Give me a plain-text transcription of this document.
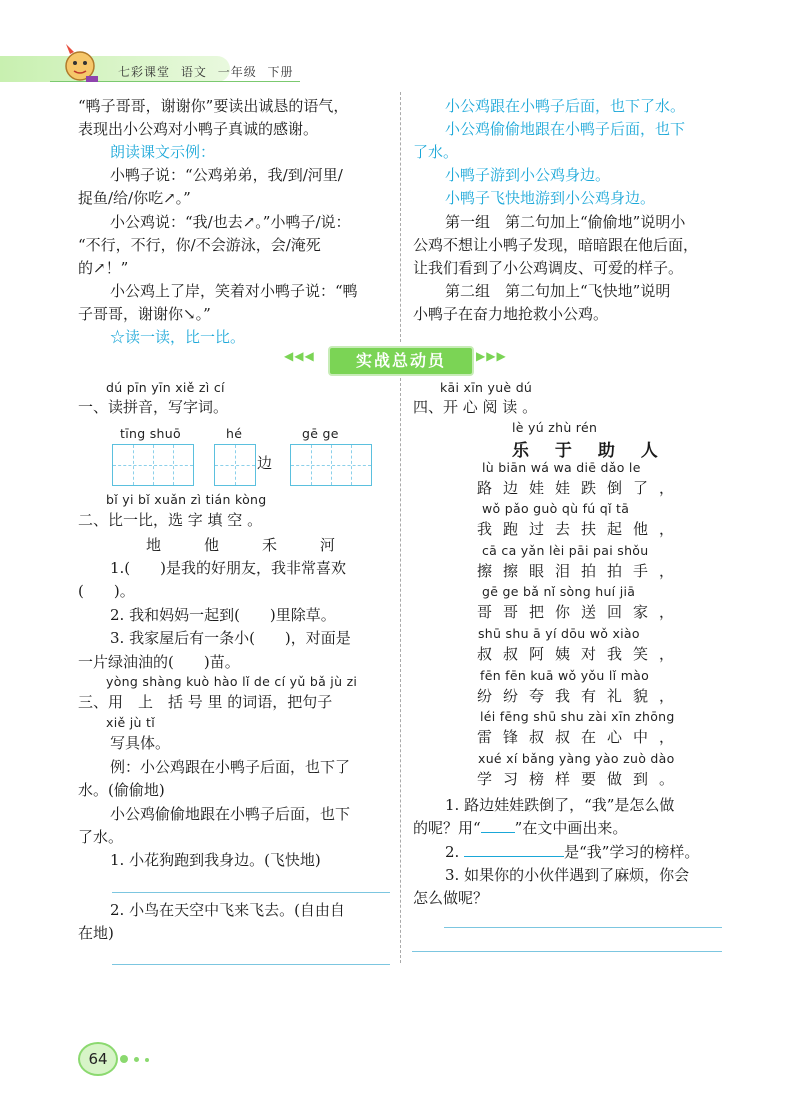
七彩课堂 语文 一年级 下册
“鸭子哥哥，谢谢你”要读出诚恳的语气，
表现出小公鸡对小鸭子真诚的感谢。
朗读课文示例：
小鸭子说：“公鸡弟弟，我/到/河里/
捉鱼/给/你吃↗。”
小公鸡说：“我/也去↗。”小鸭子/说：
“不行，不行，你/不会游泳，会/淹死
的↗！”
小公鸡上了岸，笑着对小鸭子说：“鸭
子哥哥，谢谢你↘。”
☆读一读，比一比。
小公鸡跟在小鸭子后面，也下了水。
小公鸡偷偷地跟在小鸭子后面，也下
了水。
小鸭子游到小公鸡身边。
小鸭子飞快地游到小公鸡身边。
第一组　第二句加上“偷偷地”说明小
公鸡不想让小鸭子发现，暗暗跟在他后面，
让我们看到了小公鸡调皮、可爱的样子。
第二组　第二句加上“飞快地”说明
小鸭子在奋力地抢救小公鸡。
◀◀◀	实战总动员	▶▶▶
dú pīn yīn xiě zì cí
一、读拼音，写字词。
tīng shuō	hé	gē ge
边
bǐ yi bǐ xuǎn zì tián kòng
二、比一比，选 字 填 空 。
地　他　禾　河
1.(　　)是我的好朋友，我非常喜欢
(　　)。
2. 我和妈妈一起到(　　)里除草。
3. 我家屋后有一条小(　　)，对面是
一片绿油油的(　　)苗。
yòng shàng kuò hào lǐ de cí yǔ bǎ jù zi
三、用　上　括 号 里 的词语，把句子
xiě jù tǐ
写具体。
例：小公鸡跟在小鸭子后面，也下了
水。(偷偷地)
小公鸡偷偷地跟在小鸭子后面，也下
了水。
1. 小花狗跑到我身边。(飞快地)
2. 小鸟在天空中飞来飞去。(自由自
在地)
kāi xīn yuè dú
四、开 心 阅 读 。
lè yú zhù rén
乐 于 助 人
lù biān wá wa diē dǎo le
路边娃娃跌倒了，
wǒ pǎo guò qù fú qǐ tā
我跑过去扶起他，
cā ca yǎn lèi pāi pai shǒu
擦擦眼泪拍拍手，
gē ge bǎ nǐ sòng huí jiā
哥哥把你送回家，
shū shu ā yí dōu wǒ xiào
叔叔阿姨对我笑，
fēn fēn kuā wǒ yǒu lǐ mào
纷纷夸我有礼貌，
léi fēng shū shu zài xīn zhōng
雷锋叔叔在心中，
xué xí bǎng yàng yào zuò dào
学习榜样要做到。
1. 路边娃娃跌倒了，“我”是怎么做
的呢？用“ ”在文中画出来。
2.	是“我”学习的榜样。
3. 如果你的小伙伴遇到了麻烦，你会
怎么做呢？
64
